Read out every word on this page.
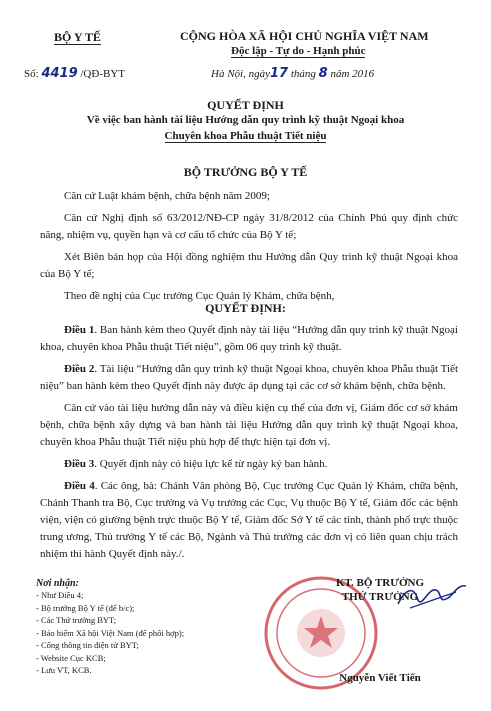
BỘ Y TẾ	CỘNG HÒA XÃ HỘI CHỦ NGHĨA VIỆT NAM
Độc lập - Tự do - Hạnh phúc
Số: 4419 /QĐ-BYT	Hà Nội, ngày17 tháng 8 năm 2016
QUYẾT ĐỊNH
Về việc ban hành tài liệu Hướng dẫn quy trình kỹ thuật Ngoại khoa
Chuyên khoa Phẫu thuật Tiết niệu
BỘ TRƯỞNG BỘ Y TẾ

Căn cứ Luật khám bệnh, chữa bệnh năm 2009;

Căn cứ Nghị định số 63/2012/NĐ-CP ngày 31/8/2012 của Chính Phủ quy định chức năng, nhiệm vụ, quyền hạn và cơ cấu tổ chức của Bộ Y tế;

Xét Biên bản họp của Hội đồng nghiệm thu Hướng dẫn Quy trình kỹ thuật Ngoại khoa của Bộ Y tế;

Theo đề nghị của Cục trưởng Cục Quản lý Khám, chữa bệnh,

QUYẾT ĐỊNH:

Điều 1. Ban hành kèm theo Quyết định này tài liệu “Hướng dẫn quy trình kỹ thuật Ngoại khoa, chuyên khoa Phẫu thuật Tiết niệu”, gồm 06 quy trình kỹ thuật.

Điều 2. Tài liệu “Hướng dẫn quy trình kỹ thuật Ngoại khoa, chuyên khoa Phẫu thuật Tiết niệu” ban hành kèm theo Quyết định này được áp dụng tại các cơ sở khám bệnh, chữa bệnh.

Căn cứ vào tài liệu hướng dẫn này và điều kiện cụ thể của đơn vị, Giám đốc cơ sở khám bệnh, chữa bệnh xây dựng và ban hành tài liệu Hướng dẫn quy trình kỹ thuật Ngoại khoa, chuyên khoa Phẫu thuật Tiết niệu phù hợp để thực hiện tại đơn vị.

Điều 3. Quyết định này có hiệu lực kể từ ngày ký ban hành.

Điều 4. Các ông, bà: Chánh Văn phòng Bộ, Cục trưởng Cục Quản lý Khám, chữa bệnh, Chánh Thanh tra Bộ, Cục trưởng và Vụ trưởng các Cục, Vụ thuộc Bộ Y tế, Giám đốc các bệnh viện, viện có giường bệnh trực thuộc Bộ Y tế, Giám đốc Sở Y tế các tỉnh, thành phố trực thuộc trung ương, Thủ trưởng Y tế các Bộ, Ngành và Thủ trưởng các đơn vị có liên quan chịu trách nhiệm thi hành Quyết định này./.

Nơi nhận:
- Như Điều 4;
- Bộ trưởng Bộ Y tế (để b/c);
- Các Thứ trưởng BYT;
- Bảo hiểm Xã hội Việt Nam (để phối hợp);
- Cổng thông tin điện tử BYT;
- Website Cục KCB;
- Lưu VT, KCB.
KT. BỘ TRƯỞNG
THỨ TRƯỞNG
Nguyễn Viết Tiến
